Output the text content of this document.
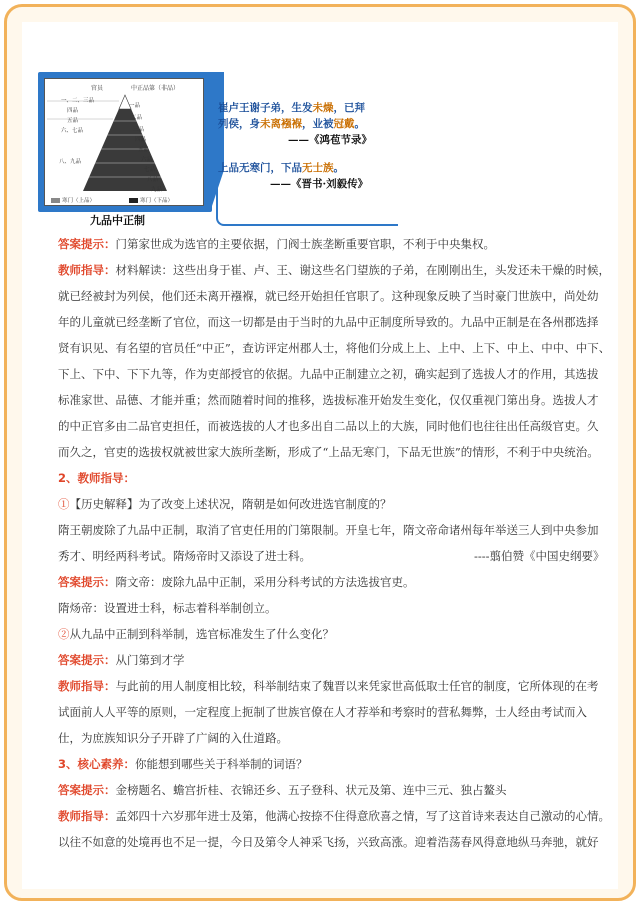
官员	中正品第（非品）
一、二、三品
四品
五品
六、七品
八、九品
一品
二品
三品
四品
五品
六品
七品
八品
九品
寒门（上品）	寒门（下品）
九品中正制
崔卢王谢子弟，生发未燥，已拜
列侯，身未离襁褓，业被冠戴。
——《鸿苞节录》
上品无寒门，下品无士族。
——《晋书·刘毅传》
答案提示：门第家世成为选官的主要依据，门阀士族垄断重要官职，不利于中央集权。
教师指导：材料解读：这些出身于崔、卢、王、谢这些名门望族的子弟，在刚刚出生，头发还未干燥的时候，
就已经被封为列侯，他们还未离开襁褓，就已经开始担任官职了。这种现象反映了当时豪门世族中，尚处幼
年的儿童就已经垄断了官位，而这一切都是由于当时的九品中正制度所导致的。九品中正制是在各州郡选择
贤有识见、有名望的官员任“中正”，查访评定州郡人士，将他们分成上上、上中、上下、中上、中中、中下、
下上、下中、下下九等，作为吏部授官的依据。九品中正制建立之初，确实起到了选拔人才的作用，其选拔
标准家世、品德、才能并重；然而随着时间的推移，选拔标准开始发生变化，仅仅重视门第出身。选拔人才
的中正官多由二品官吏担任，而被选拔的人才也多出自二品以上的大族，同时他们也往往出任高级官吏。久
而久之，官吏的选拔权就被世家大族所垄断，形成了“上品无寒门，下品无世族”的情形，不利于中央统治。
2、教师指导：
①【历史解释】为了改变上述状况，隋朝是如何改进选官制度的？
隋王朝废除了九品中正制，取消了官吏任用的门第限制。开皇七年，隋文帝命诸州每年举送三人到中央参加
秀才、明经两科考试。隋炀帝时又添设了进士科。	----翦伯赞《中国史纲要》
答案提示：隋文帝：废除九品中正制，采用分科考试的方法选拔官吏。
隋炀帝：设置进士科，标志着科举制创立。
②从九品中正制到科举制，选官标准发生了什么变化？
答案提示：从门第到才学
教师指导：与此前的用人制度相比较，科举制结束了魏晋以来凭家世高低取士任官的制度，它所体现的在考
试面前人人平等的原则，一定程度上扼制了世族官僚在人才荐举和考察时的营私舞弊，士人经由考试而入
仕，为庶族知识分子开辟了广阔的入仕道路。
3、核心素养：你能想到哪些关于科举制的词语？
答案提示：金榜题名、蟾宫折桂、衣锦还乡、五子登科、状元及第、连中三元、独占鳌头
教师指导：孟郊四十六岁那年进士及第，他满心按捺不住得意欣喜之情，写了这首诗来表达自己激动的心情。
以往不如意的处境再也不足一提，今日及第令人神采飞扬，兴致高涨。迎着浩荡春风得意地纵马奔驰，就好
